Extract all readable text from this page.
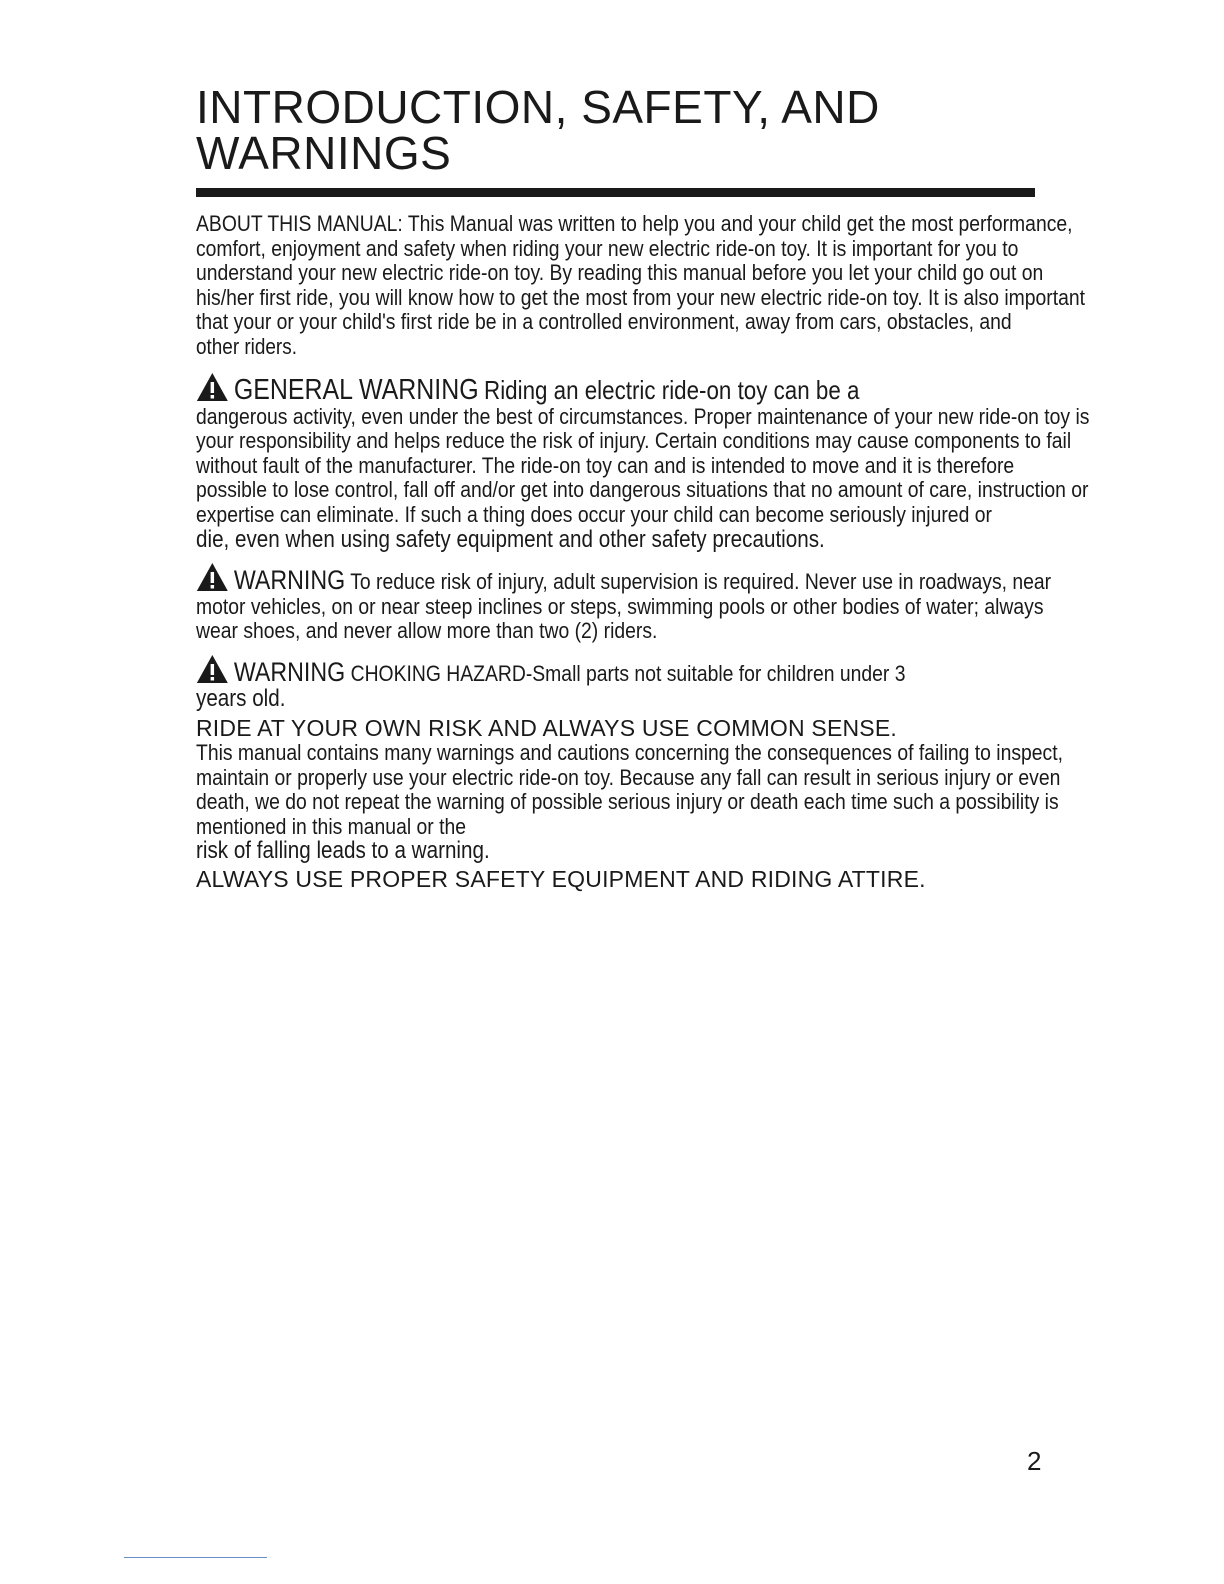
INTRODUCTION, SAFETY, AND WARNINGS

ABOUT THIS MANUAL: This Manual was written to help you and your child get the most performance, comfort, enjoyment and safety when riding your new electric ride-on toy. It is important for you to understand your new electric ride-on toy. By reading this manual before you let your child go out on his/her first ride, you will know how to get the most from your new electric ride-on toy. It is also important that your or your child's first ride be in a controlled environment, away from cars, obstacles, and
other riders.

GENERAL WARNING Riding an electric ride-on toy can be a
dangerous activity, even under the best of circumstances. Proper maintenance of your new ride-on toy is your responsibility and helps reduce the risk of injury. Certain conditions may cause components to fail without fault of the manufacturer. The ride-on toy can and is intended to move and it is therefore possible to lose control, fall off and/or get into dangerous situations that no amount of care, instruction or expertise can eliminate. If such a thing does occur your child can become seriously injured or
die, even when using safety equipment and other safety precautions.

WARNING To reduce risk of injury, adult supervision is required. Never use in roadways, near motor vehicles, on or near steep inclines or steps, swimming pools or other bodies of water; always wear shoes, and never allow more than two (2) riders.

WARNING CHOKING HAZARD-Small parts not suitable for children under 3
years old.

RIDE AT YOUR OWN RISK AND ALWAYS USE COMMON SENSE.

This manual contains many warnings and cautions concerning the consequences of failing to inspect, maintain or properly use your electric ride-on toy. Because any fall can result in serious injury or even death, we do not repeat the warning of possible serious injury or death each time such a possibility is mentioned in this manual or the
risk of falling leads to a warning.

ALWAYS USE PROPER SAFETY EQUIPMENT AND RIDING ATTIRE.

2
